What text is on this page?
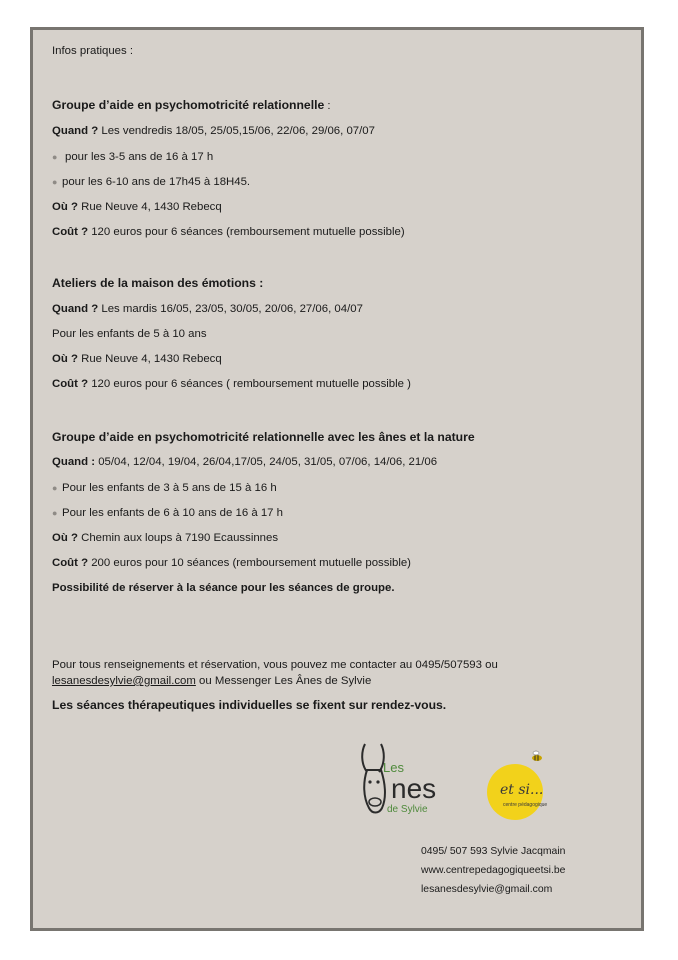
Infos pratiques :
Groupe d’aide en psychomotricité relationnelle :
Quand ? Les vendredis 18/05, 25/05,15/06, 22/06, 29/06, 07/07
● pour les 3-5 ans de 16 à 17 h
● pour les 6-10 ans de 17h45 à 18H45.
Où ? Rue Neuve 4, 1430 Rebecq
Coût ? 120 euros pour 6 séances (remboursement mutuelle possible)
Ateliers de la maison des émotions :
Quand ? Les mardis 16/05, 23/05, 30/05, 20/06, 27/06, 04/07
Pour les enfants de 5 à 10 ans
Où ? Rue Neuve 4, 1430 Rebecq
Coût ? 120 euros pour 6 séances ( remboursement mutuelle possible )
Groupe d’aide en psychomotricité relationnelle avec les ânes et la nature
Quand : 05/04, 12/04, 19/04, 26/04,17/05, 24/05, 31/05, 07/06, 14/06, 21/06
● Pour les enfants de 3 à 5 ans de 15 à 16 h
● Pour les enfants de 6 à 10 ans de 16 à 17 h
Où ? Chemin aux loups à 7190 Ecaussinnes
Coût ? 200 euros pour 10 séances (remboursement mutuelle possible)
Possibilité de réserver à la séance pour les séances de groupe.
Pour tous renseignements et réservation, vous pouvez me contacter au 0495/507593 ou
lesanesdesylvie@gmail.com ou Messenger Les Ânes de Sylvie
Les séances thérapeutiques individuelles se fixent sur rendez-vous.
Les
nes
de Sylvie
et si...
centre pédagogique
0495/ 507 593 Sylvie Jacqmain
www.centrepedagogiqueetsi.be
lesanesdesylvie@gmail.com
